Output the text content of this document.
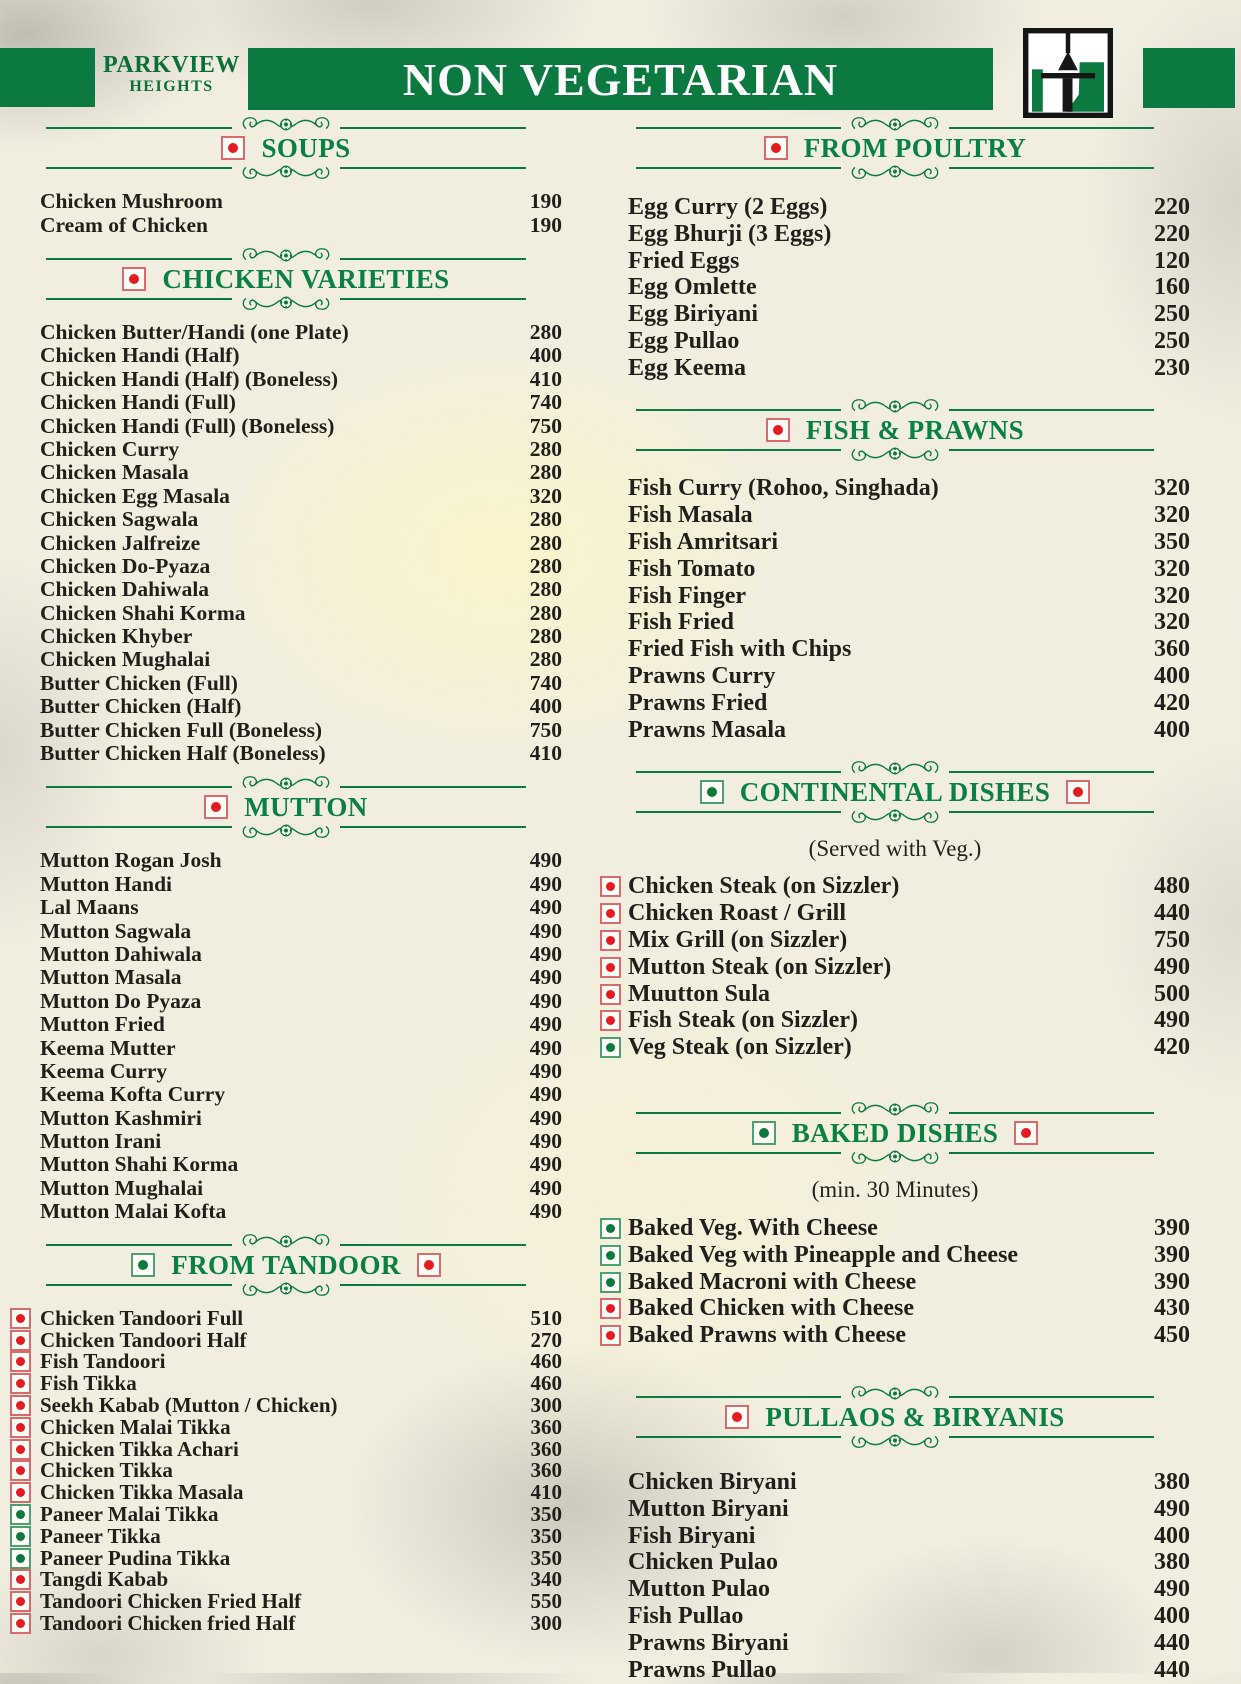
PARKVIEW
HEIGHTS	NON VEGETARIAN
SOUPS
Chicken Mushroom	190
Cream of Chicken	190
CHICKEN VARIETIES
Chicken Butter/Handi (one Plate)	280
Chicken Handi (Half)	400
Chicken Handi (Half) (Boneless)	410
Chicken Handi (Full)	740
Chicken Handi (Full) (Boneless)	750
Chicken Curry	280
Chicken Masala	280
Chicken Egg Masala	320
Chicken Sagwala	280
Chicken Jalfreize	280
Chicken Do-Pyaza	280
Chicken Dahiwala	280
Chicken Shahi Korma	280
Chicken Khyber	280
Chicken Mughalai	280
Butter Chicken (Full)	740
Butter Chicken (Half)	400
Butter Chicken Full (Boneless)	750
Butter Chicken Half (Boneless)	410
MUTTON
Mutton Rogan Josh	490
Mutton Handi	490
Lal Maans	490
Mutton Sagwala	490
Mutton Dahiwala	490
Mutton Masala	490
Mutton Do Pyaza	490
Mutton Fried	490
Keema Mutter	490
Keema Curry	490
Keema Kofta Curry	490
Mutton Kashmiri	490
Mutton Irani	490
Mutton Shahi Korma	490
Mutton Mughalai	490
Mutton Malai Kofta	490
FROM TANDOOR
Chicken Tandoori Full	510
Chicken Tandoori Half	270
Fish Tandoori	460
Fish Tikka	460
Seekh Kabab (Mutton / Chicken)	300
Chicken Malai Tikka	360
Chicken Tikka Achari	360
Chicken Tikka	360
Chicken Tikka Masala	410
Paneer Malai Tikka	350
Paneer Tikka	350
Paneer Pudina Tikka	350
Tangdi Kabab	340
Tandoori Chicken Fried Half	550
Tandoori Chicken fried Half	300
FROM POULTRY
Egg Curry (2 Eggs)	220
Egg Bhurji (3 Eggs)	220
Fried Eggs	120
Egg Omlette	160
Egg Biriyani	250
Egg Pullao	250
Egg Keema	230
FISH & PRAWNS
Fish Curry (Rohoo, Singhada)	320
Fish Masala	320
Fish Amritsari	350
Fish Tomato	320
Fish Finger	320
Fish Fried	320
Fried Fish with Chips	360
Prawns Curry	400
Prawns Fried	420
Prawns Masala	400
CONTINENTAL DISHES
(Served with Veg.)
Chicken Steak (on Sizzler)	480
Chicken Roast / Grill	440
Mix Grill (on Sizzler)	750
Mutton Steak (on Sizzler)	490
Muutton Sula	500
Fish Steak (on Sizzler)	490
Veg Steak (on Sizzler)	420
BAKED DISHES
(min. 30 Minutes)
Baked Veg. With Cheese	390
Baked Veg with Pineapple and Cheese	390
Baked Macroni with Cheese	390
Baked Chicken with Cheese	430
Baked Prawns with Cheese	450
PULLAOS & BIRYANIS
Chicken Biryani	380
Mutton Biryani	490
Fish Biryani	400
Chicken Pulao	380
Mutton Pulao	490
Fish Pullao	400
Prawns Biryani	440
Prawns Pullao	440
